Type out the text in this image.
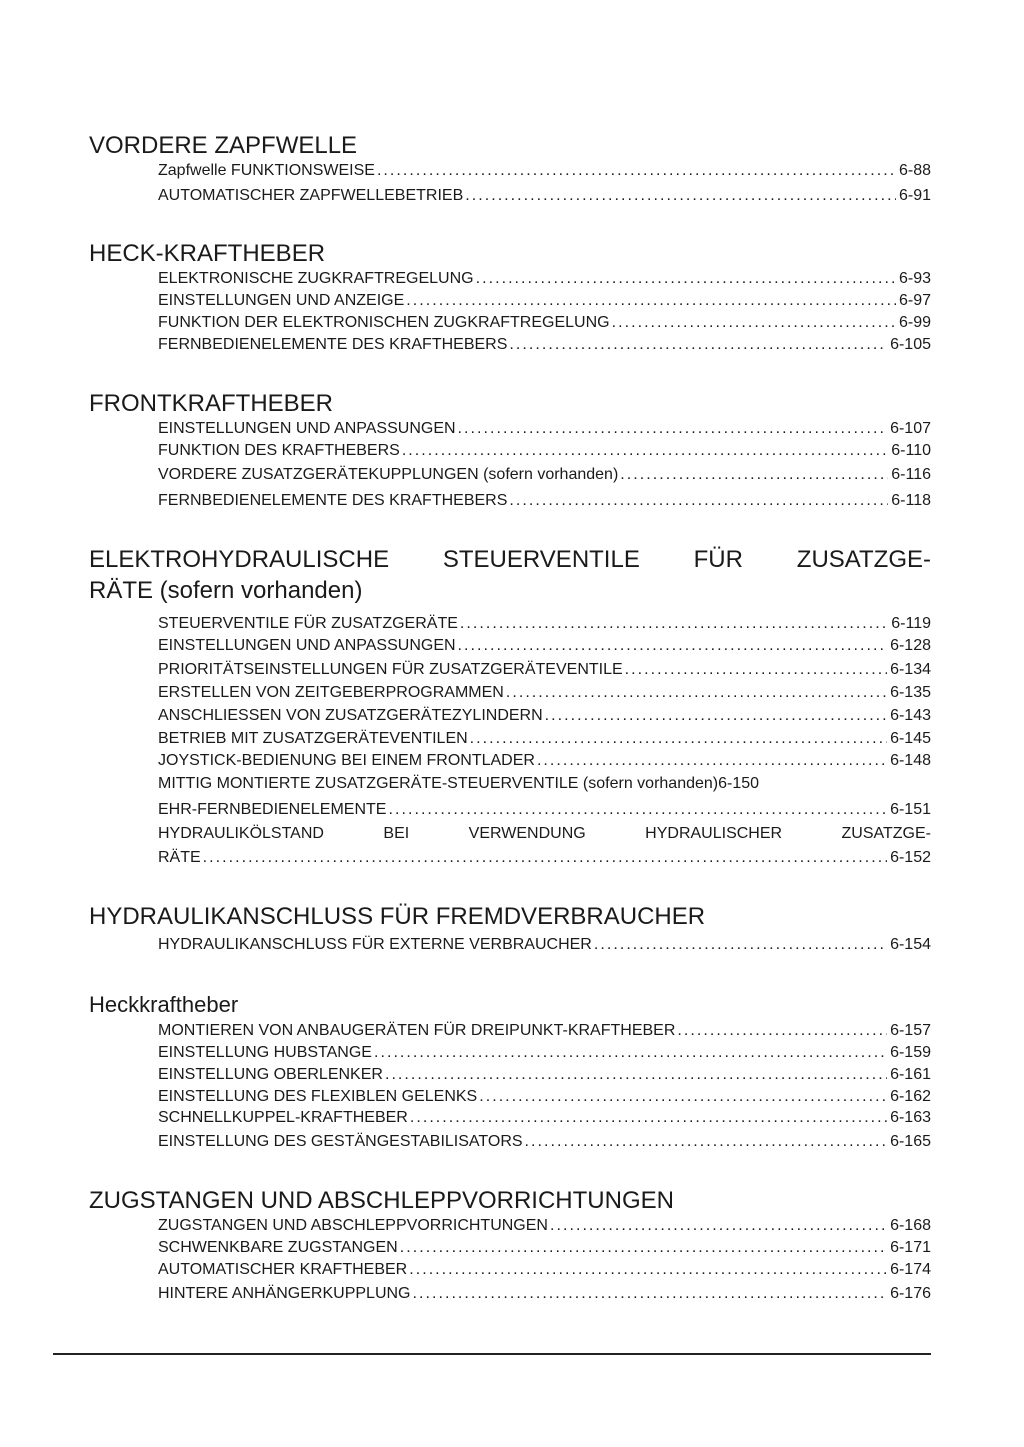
VORDERE ZAPFWELLE
Zapfwelle FUNKTIONSWEISE . . .	6-88
AUTOMATISCHER ZAPFWELLEBETRIEB . . .	6-91
HECK-KRAFTHEBER
ELEKTRONISCHE ZUGKRAFTREGELUNG . . .	6-93
EINSTELLUNGEN UND ANZEIGE . . .	6-97
FUNKTION DER ELEKTRONISCHEN ZUGKRAFTREGELUNG . . .	6-99
FERNBEDIENELEMENTE DES KRAFTHEBERS . . .	6-105
FRONTKRAFTHEBER
EINSTELLUNGEN UND ANPASSUNGEN . . .	6-107
FUNKTION DES KRAFTHEBERS . . .	6-110
VORDERE ZUSATZGERÄTEKUPPLUNGEN (sofern vorhanden) . . .	6-116
FERNBEDIENELEMENTE DES KRAFTHEBERS . . .	6-118
ELEKTROHYDRAULISCHE STEUERVENTILE FÜR ZUSATZGE-
RÄTE (sofern vorhanden)
STEUERVENTILE FÜR ZUSATZGERÄTE . . .	6-119
EINSTELLUNGEN UND ANPASSUNGEN . . .	6-128
PRIORITÄTSEINSTELLUNGEN FÜR ZUSATZGERÄTEVENTILE . . .	6-134
ERSTELLEN VON ZEITGEBERPROGRAMMEN . . .	6-135
ANSCHLIESSEN VON ZUSATZGERÄTEZYLINDERN . . .	6-143
BETRIEB MIT ZUSATZGERÄTEVENTILEN . . .	6-145
JOYSTICK-BEDIENUNG BEI EINEM FRONTLADER . . .	6-148
MITTIG MONTIERTE ZUSATZGERÄTE-STEUERVENTILE (sofern vorhanden) 6-150
EHR-FERNBEDIENELEMENTE . . .	6-151
HYDRAULIKÖLSTAND BEI VERWENDUNG HYDRAULISCHER ZUSATZGE-
RÄTE . . .	6-152
HYDRAULIKANSCHLUSS FÜR FREMDVERBRAUCHER
HYDRAULIKANSCHLUSS FÜR EXTERNE VERBRAUCHER . . .	6-154
Heckkraftheber
MONTIEREN VON ANBAUGERÄTEN FÜR DREIPUNKT-KRAFTHEBER . . .	6-157
EINSTELLUNG HUBSTANGE . . .	6-159
EINSTELLUNG OBERLENKER . . .	6-161
EINSTELLUNG DES FLEXIBLEN GELENKS . . .	6-162
SCHNELLKUPPEL-KRAFTHEBER . . .	6-163
EINSTELLUNG DES GESTÄNGESTABILISATORS . . .	6-165
ZUGSTANGEN UND ABSCHLEPPVORRICHTUNGEN
ZUGSTANGEN UND ABSCHLEPPVORRICHTUNGEN . . .	6-168
SCHWENKBARE ZUGSTANGEN . . .	6-171
AUTOMATISCHER KRAFTHEBER . . .	6-174
HINTERE ANHÄNGERKUPPLUNG . . .	6-176
